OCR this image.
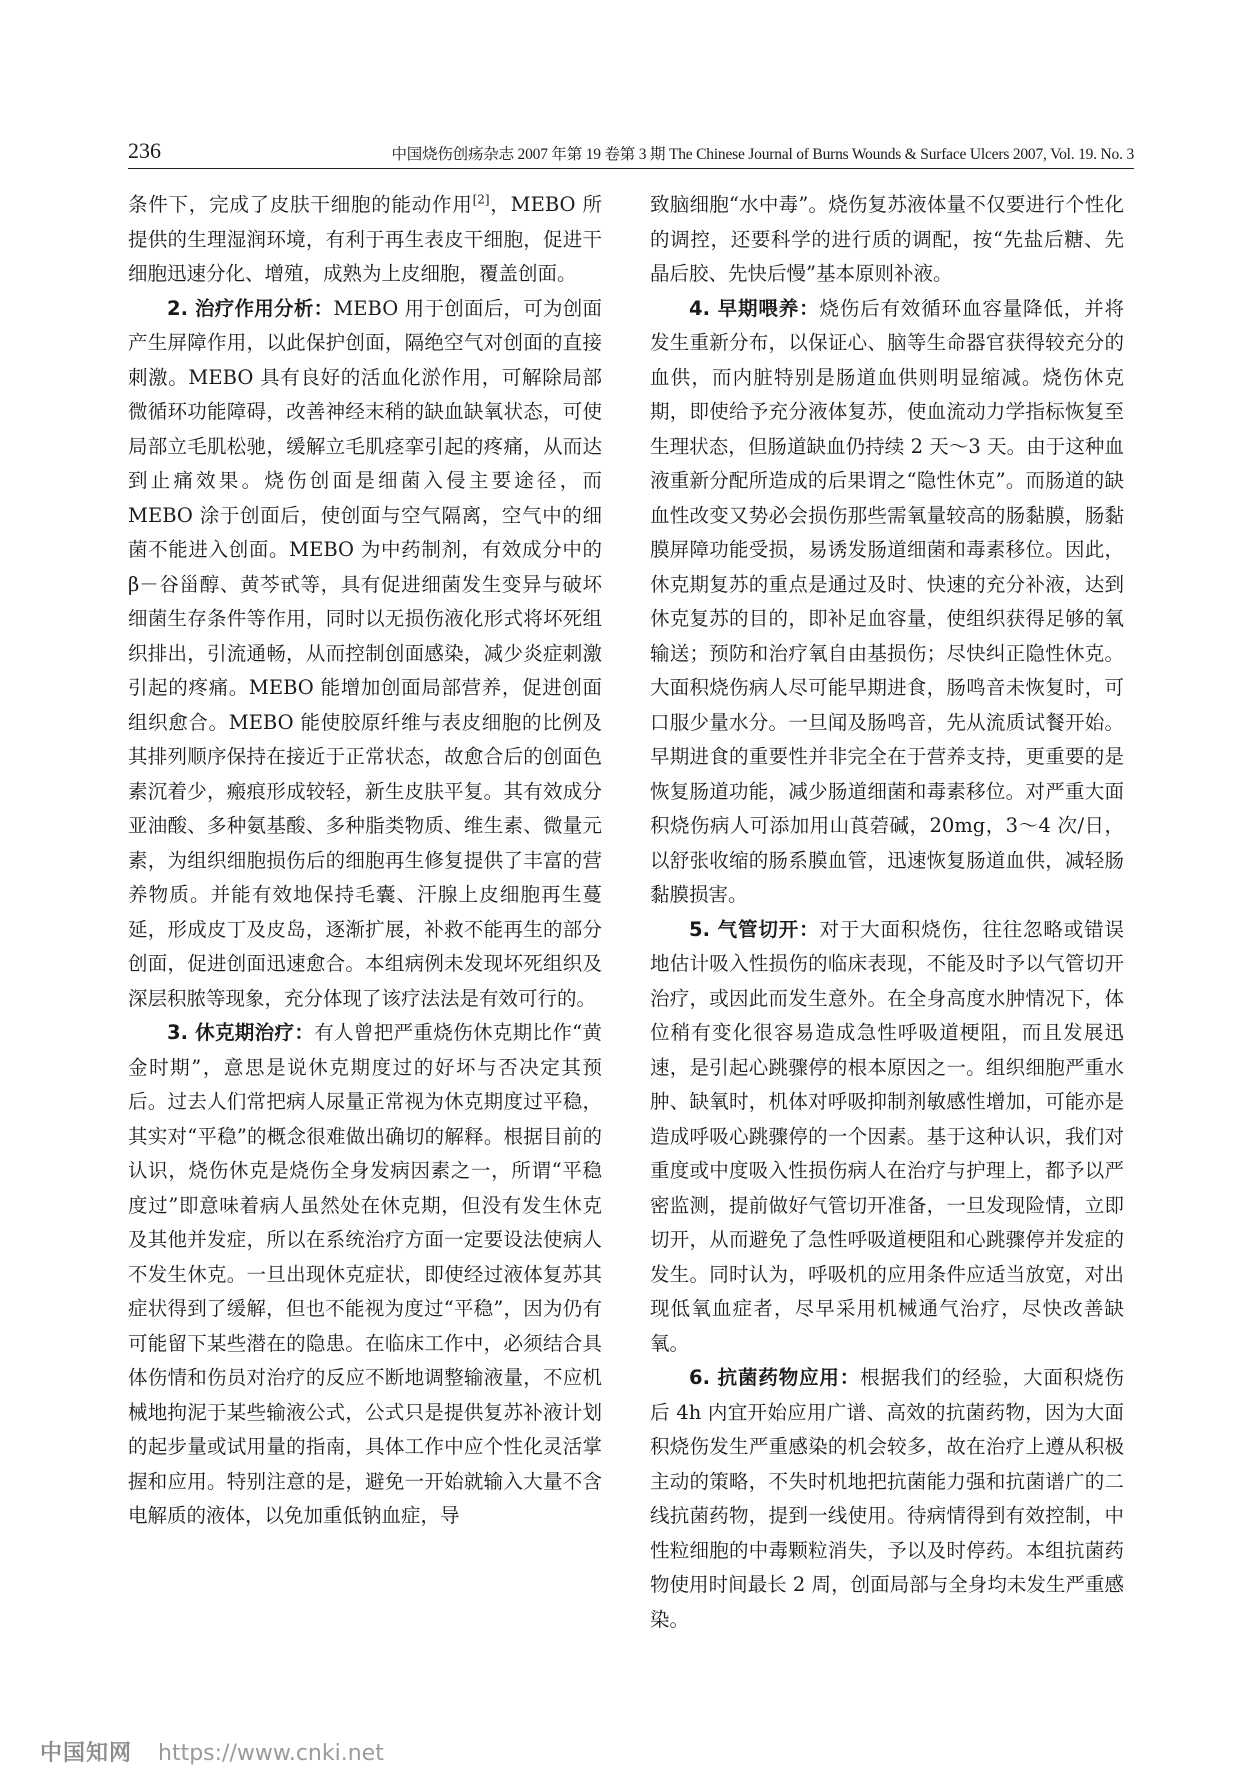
236	中国烧伤创疡杂志 2007 年第 19 卷第 3 期 The Chinese Journal of Burns Wounds & Surface Ulcers 2007, Vol. 19. No. 3

条件下，完成了皮肤干细胞的能动作用[2]，MEBO 所提供的生理湿润环境，有利于再生表皮干细胞，促进干细胞迅速分化、增殖，成熟为上皮细胞，覆盖创面。

2. 治疗作用分析：MEBO 用于创面后，可为创面产生屏障作用，以此保护创面，隔绝空气对创面的直接刺激。MEBO 具有良好的活血化淤作用，可解除局部微循环功能障碍，改善神经末稍的缺血缺氧状态，可使局部立毛肌松驰，缓解立毛肌痉挛引起的疼痛，从而达到止痛效果。烧伤创面是细菌入侵主要途径，而 MEBO 涂于创面后，使创面与空气隔离，空气中的细菌不能进入创面。MEBO 为中药制剂，有效成分中的 β－谷甾醇、黄芩甙等，具有促进细菌发生变异与破坏细菌生存条件等作用，同时以无损伤液化形式将坏死组织排出，引流通畅，从而控制创面感染，减少炎症刺激引起的疼痛。MEBO 能增加创面局部营养，促进创面组织愈合。MEBO 能使胶原纤维与表皮细胞的比例及其排列顺序保持在接近于正常状态，故愈合后的创面色素沉着少，瘢痕形成较轻，新生皮肤平复。其有效成分亚油酸、多种氨基酸、多种脂类物质、维生素、微量元素，为组织细胞损伤后的细胞再生修复提供了丰富的营养物质。并能有效地保持毛囊、汗腺上皮细胞再生蔓延，形成皮丁及皮岛，逐渐扩展，补救不能再生的部分创面，促进创面迅速愈合。本组病例未发现坏死组织及深层积脓等现象，充分体现了该疗法法是有效可行的。

3. 休克期治疗：有人曾把严重烧伤休克期比作“黄金时期”，意思是说休克期度过的好坏与否决定其预后。过去人们常把病人尿量正常视为休克期度过平稳，其实对“平稳”的概念很难做出确切的解释。根据目前的认识，烧伤休克是烧伤全身发病因素之一，所谓“平稳度过”即意味着病人虽然处在休克期，但没有发生休克及其他并发症，所以在系统治疗方面一定要设法使病人不发生休克。一旦出现休克症状，即使经过液体复苏其症状得到了缓解，但也不能视为度过“平稳”，因为仍有可能留下某些潜在的隐患。在临床工作中，必须结合具体伤情和伤员对治疗的反应不断地调整输液量，不应机械地拘泥于某些输液公式，公式只是提供复苏补液计划的起步量或试用量的指南，具体工作中应个性化灵活掌握和应用。特别注意的是，避免一开始就输入大量不含电解质的液体，以免加重低钠血症，导

致脑细胞“水中毒”。烧伤复苏液体量不仅要进行个性化的调控，还要科学的进行质的调配，按“先盐后糖、先晶后胶、先快后慢”基本原则补液。

4. 早期喂养：烧伤后有效循环血容量降低，并将发生重新分布，以保证心、脑等生命器官获得较充分的血供，而内脏特别是肠道血供则明显缩减。烧伤休克期，即使给予充分液体复苏，使血流动力学指标恢复至生理状态，但肠道缺血仍持续 2 天～3 天。由于这种血液重新分配所造成的后果谓之“隐性休克”。而肠道的缺血性改变又势必会损伤那些需氧量较高的肠黏膜，肠黏膜屏障功能受损，易诱发肠道细菌和毒素移位。因此，休克期复苏的重点是通过及时、快速的充分补液，达到休克复苏的目的，即补足血容量，使组织获得足够的氧输送；预防和治疗氧自由基损伤；尽快纠正隐性休克。大面积烧伤病人尽可能早期进食，肠鸣音未恢复时，可口服少量水分。一旦闻及肠鸣音，先从流质试餐开始。早期进食的重要性并非完全在于营养支持，更重要的是恢复肠道功能，减少肠道细菌和毒素移位。对严重大面积烧伤病人可添加用山莨菪碱，20mg，3～4 次/日，以舒张收缩的肠系膜血管，迅速恢复肠道血供，减轻肠黏膜损害。

5. 气管切开：对于大面积烧伤，往往忽略或错误地估计吸入性损伤的临床表现，不能及时予以气管切开治疗，或因此而发生意外。在全身高度水肿情况下，体位稍有变化很容易造成急性呼吸道梗阻，而且发展迅速，是引起心跳骤停的根本原因之一。组织细胞严重水肿、缺氧时，机体对呼吸抑制剂敏感性增加，可能亦是造成呼吸心跳骤停的一个因素。基于这种认识，我们对重度或中度吸入性损伤病人在治疗与护理上，都予以严密监测，提前做好气管切开准备，一旦发现险情，立即切开，从而避免了急性呼吸道梗阻和心跳骤停并发症的发生。同时认为，呼吸机的应用条件应适当放宽，对出现低氧血症者，尽早采用机械通气治疗，尽快改善缺氧。

6. 抗菌药物应用：根据我们的经验，大面积烧伤后 4h 内宜开始应用广谱、高效的抗菌药物，因为大面积烧伤发生严重感染的机会较多，故在治疗上遵从积极主动的策略，不失时机地把抗菌能力强和抗菌谱广的二线抗菌药物，提到一线使用。待病情得到有效控制，中性粒细胞的中毒颗粒消失，予以及时停药。本组抗菌药物使用时间最长 2 周，创面局部与全身均未发生严重感染。

中国知网 https://www.cnki.net
